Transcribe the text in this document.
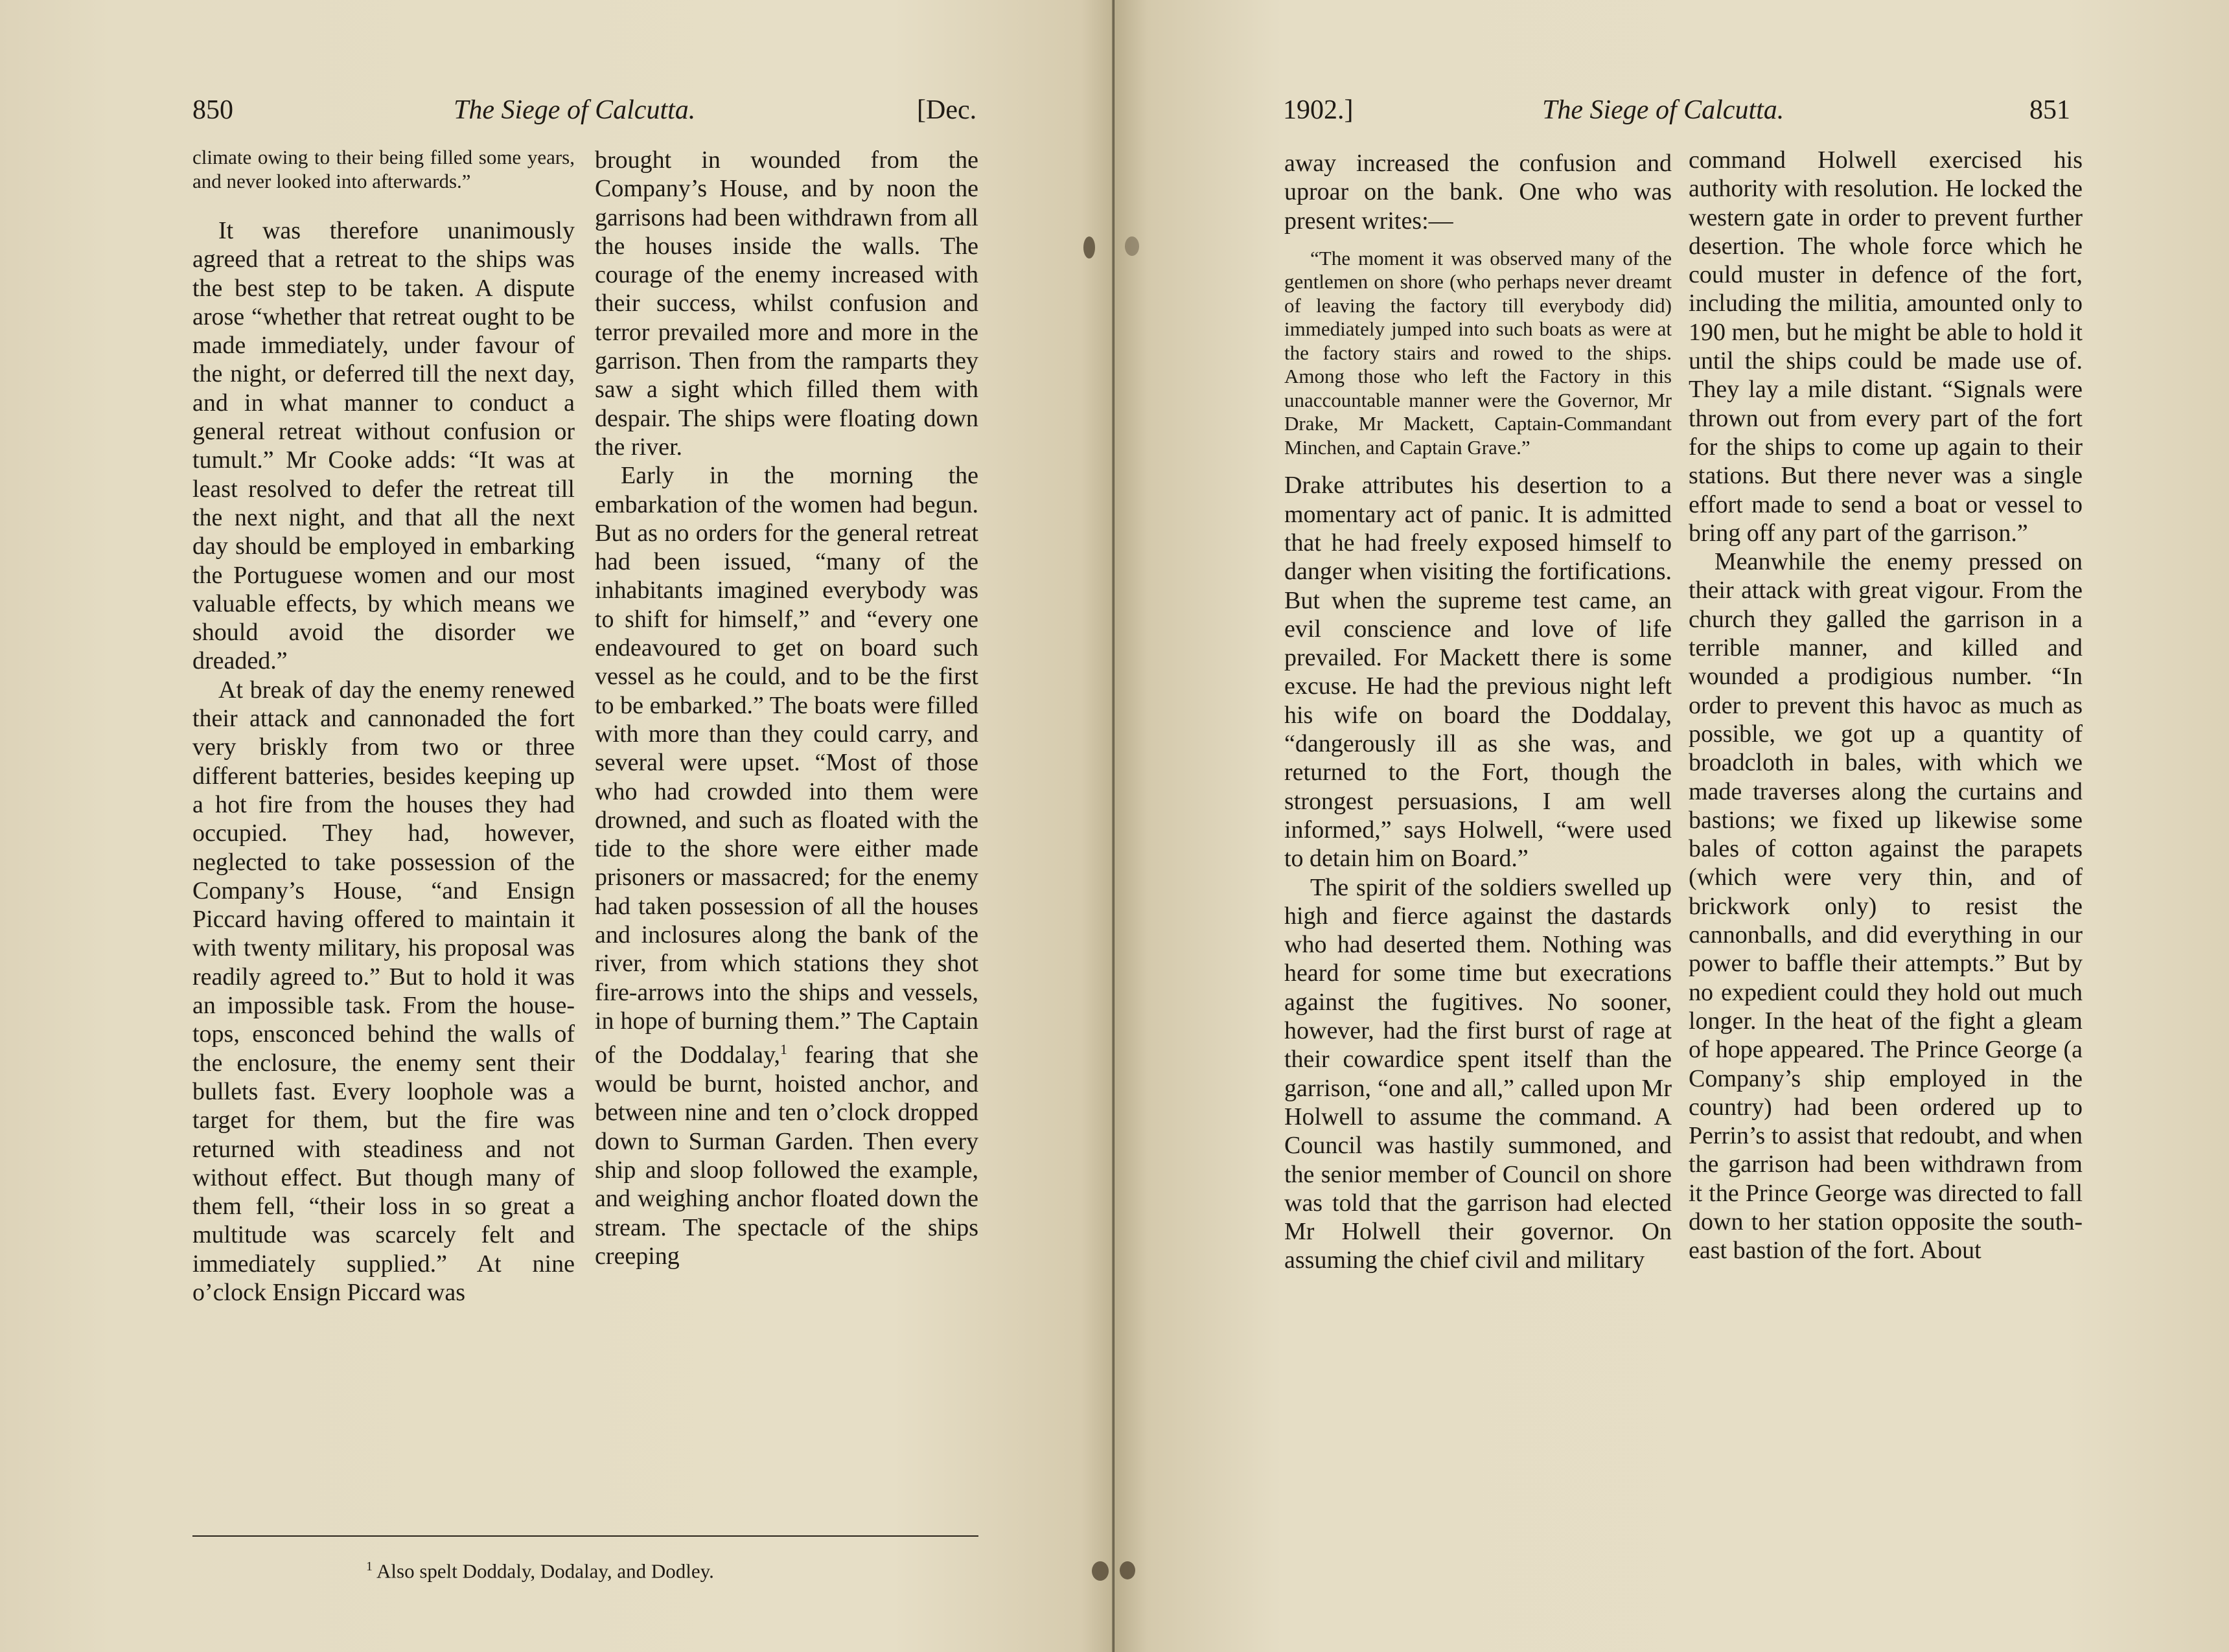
850	The Siege of Calcutta.	[Dec.

climate owing to their being filled some years, and never looked into afterwards.”

It was therefore unanimously agreed that a retreat to the ships was the best step to be taken. A dispute arose “whether that retreat ought to be made immediately, under favour of the night, or deferred till the next day, and in what manner to conduct a general retreat without confusion or tumult.” Mr Cooke adds: “It was at least resolved to defer the retreat till the next night, and that all the next day should be employed in embarking the Portuguese women and our most valuable effects, by which means we should avoid the disorder we dreaded.”

At break of day the enemy renewed their attack and cannonaded the fort very briskly from two or three different batteries, besides keeping up a hot fire from the houses they had occupied. They had, however, neglected to take possession of the Company’s House, “and Ensign Piccard having offered to maintain it with twenty military, his proposal was readily agreed to.” But to hold it was an impossible task. From the house-tops, ensconced behind the walls of the enclosure, the enemy sent their bullets fast. Every loophole was a target for them, but the fire was returned with steadiness and not without effect. But though many of them fell, “their loss in so great a multitude was scarcely felt and immediately supplied.” At nine o’clock Ensign Piccard was

brought in wounded from the Company’s House, and by noon the garrisons had been withdrawn from all the houses inside the walls. The courage of the enemy increased with their success, whilst confusion and terror prevailed more and more in the garrison. Then from the ramparts they saw a sight which filled them with despair. The ships were floating down the river.

Early in the morning the embarkation of the women had begun. But as no orders for the general retreat had been issued, “many of the inhabitants imagined everybody was to shift for himself,” and “every one endeavoured to get on board such vessel as he could, and to be the first to be embarked.” The boats were filled with more than they could carry, and several were upset. “Most of those who had crowded into them were drowned, and such as floated with the tide to the shore were either made prisoners or massacred; for the enemy had taken possession of all the houses and inclosures along the bank of the river, from which stations they shot fire-arrows into the ships and vessels, in hope of burning them.” The Captain of the Doddalay,$^1$ fearing that she would be burnt, hoisted anchor, and between nine and ten o’clock dropped down to Surman Garden. Then every ship and sloop followed the example, and weighing anchor floated down the stream. The spectacle of the ships creeping

$^1$ Also spelt Doddaly, Dodalay, and Dodley.
1902.]	The Siege of Calcutta.	851

away increased the confusion and uproar on the bank. One who was present writes:—

“The moment it was observed many of the gentlemen on shore (who perhaps never dreamt of leaving the factory till everybody did) immediately jumped into such boats as were at the factory stairs and rowed to the ships. Among those who left the Factory in this unaccountable manner were the Governor, Mr Drake, Mr Mackett, Captain-Commandant Minchen, and Captain Grave.”

Drake attributes his desertion to a momentary act of panic. It is admitted that he had freely exposed himself to danger when visiting the fortifications. But when the supreme test came, an evil conscience and love of life prevailed. For Mackett there is some excuse. He had the previous night left his wife on board the Doddalay, “dangerously ill as she was, and returned to the Fort, though the strongest persuasions, I am well informed,” says Holwell, “were used to detain him on Board.”

The spirit of the soldiers swelled up high and fierce against the dastards who had deserted them. Nothing was heard for some time but execrations against the fugitives. No sooner, however, had the first burst of rage at their cowardice spent itself than the garrison, “one and all,” called upon Mr Holwell to assume the command. A Council was hastily summoned, and the senior member of Council on shore was told that the garrison had elected Mr Holwell their governor. On assuming the chief civil and military

command Holwell exercised his authority with resolution. He locked the western gate in order to prevent further desertion. The whole force which he could muster in defence of the fort, including the militia, amounted only to 190 men, but he might be able to hold it until the ships could be made use of. They lay a mile distant. “Signals were thrown out from every part of the fort for the ships to come up again to their stations. But there never was a single effort made to send a boat or vessel to bring off any part of the garrison.”

Meanwhile the enemy pressed on their attack with great vigour. From the church they galled the garrison in a terrible manner, and killed and wounded a prodigious number. “In order to prevent this havoc as much as possible, we got up a quantity of broadcloth in bales, with which we made traverses along the curtains and bastions; we fixed up likewise some bales of cotton against the parapets (which were very thin, and of brickwork only) to resist the cannonballs, and did everything in our power to baffle their attempts.” But by no expedient could they hold out much longer. In the heat of the fight a gleam of hope appeared. The Prince George (a Company’s ship employed in the country) had been ordered up to Perrin’s to assist that redoubt, and when the garrison had been withdrawn from it the Prince George was directed to fall down to her station opposite the south-east bastion of the fort. About
